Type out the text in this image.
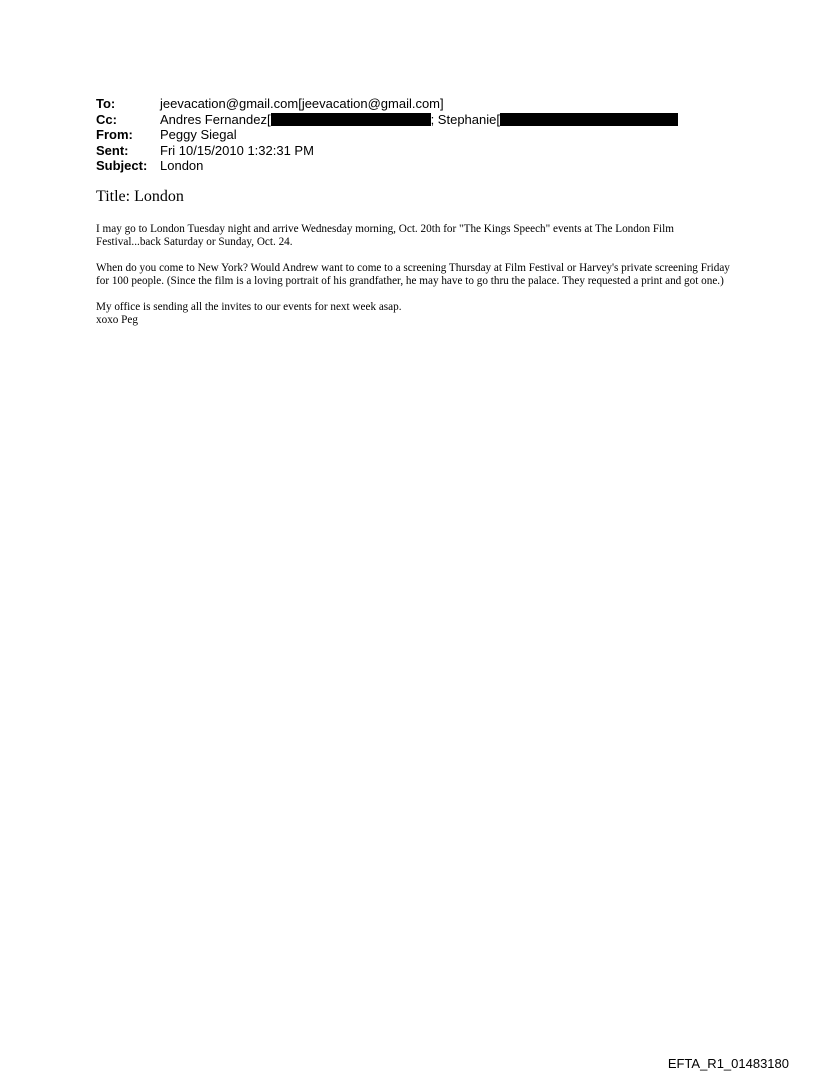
To:	jeevacation@gmail.com[jeevacation@gmail.com]
Cc:	Andres Fernandez[	; Stephanie[
From:	Peggy Siegal
Sent:	Fri 10/15/2010 1:32:31 PM
Subject: London
Title: London

I may go to London Tuesday night and arrive Wednesday morning, Oct. 20th for "The Kings Speech" events at The London Film Festival...back Saturday or Sunday, Oct. 24.

When do you come to New York? Would Andrew want to come to a screening Thursday at Film Festival or Harvey's private screening Friday for 100 people. (Since the film is a loving portrait of his grandfather, he may have to go thru the palace. They requested a print and got one.)

My office is sending all the invites to our events for next week asap.
xoxo Peg

EFTA_R1_01483180
